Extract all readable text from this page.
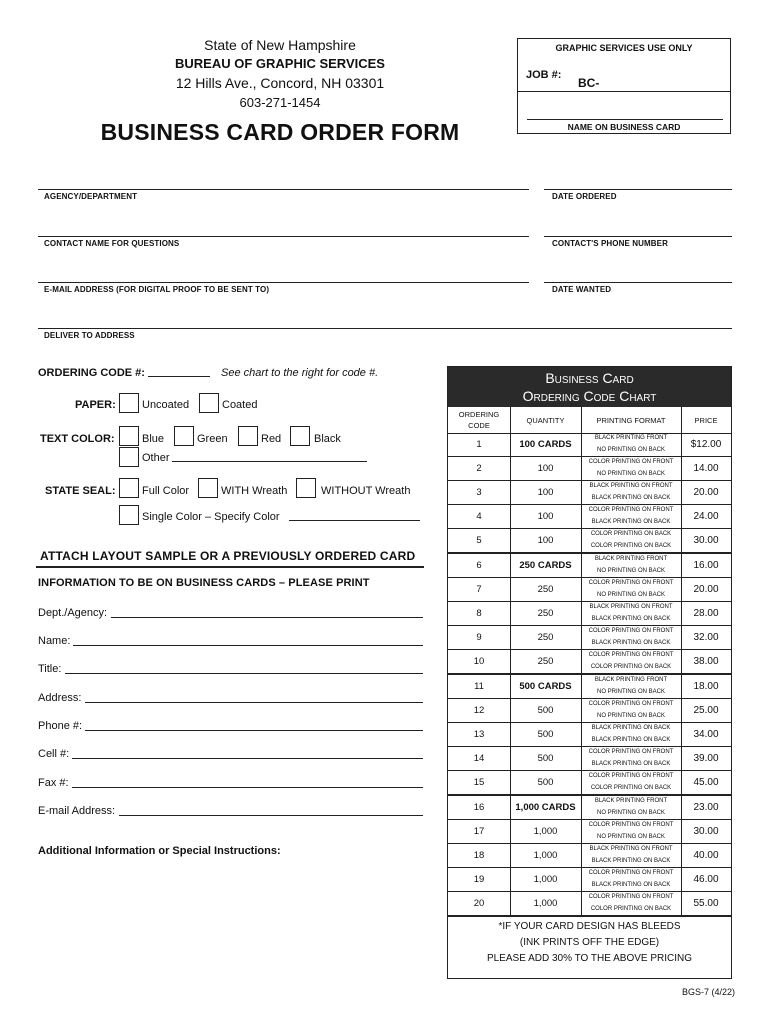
State of New Hampshire
BUREAU OF GRAPHIC SERVICES
12 Hills Ave., Concord, NH 03301
603-271-1454
BUSINESS CARD ORDER FORM
GRAPHIC SERVICES USE ONLY
JOB #:
BC-
NAME ON BUSINESS CARD
AGENCY/DEPARTMENT	DATE ORDERED
CONTACT NAME FOR QUESTIONS	CONTACT'S PHONE NUMBER
E-MAIL ADDRESS (FOR DIGITAL PROOF TO BE SENT TO)	DATE WANTED
DELIVER TO ADDRESS
ORDERING CODE #:	See chart to the right for code #.
PAPER: Uncoated	Coated
TEXT COLOR: Blue	Green	Red	Black
Other
STATE SEAL: Full Color	WITH Wreath	WITHOUT Wreath
Single Color – Specify Color
ATTACH LAYOUT SAMPLE OR A PREVIOUSLY ORDERED CARD
INFORMATION TO BE ON BUSINESS CARDS – PLEASE PRINT
Dept./Agency:
Name:
Title:
Address:
Phone #:
Cell #:
Fax #:
E-mail Address:
Additional Information or Special Instructions:
Business Card
Ordering Code Chart
ORDERING CODE
QUANTITY	PRINTING FORMAT	PRICE
1	100 CARDS
BLACK PRINTING FRONT
NO PRINTING ON BACK	$12.00
2	100
COLOR PRINTING ON FRONT
NO PRINTING ON BACK	14.00
3	100
BLACK PRINTING ON FRONT
BLACK PRINTING ON BACK	20.00
4	100
COLOR PRINTING ON FRONT
BLACK PRINTING ON BACK	24.00
5	100
COLOR PRINTING ON BACK
COLOR PRINTING ON BACK	30.00
6	250 CARDS
BLACK PRINTING FRONT
NO PRINTING ON BACK	16.00
7	250
COLOR PRINTING ON FRONT
NO PRINTING ON BACK	20.00
8	250
BLACK PRINTING ON FRONT
BLACK PRINTING ON BACK	28.00
9	250
COLOR PRINTING ON FRONT
BLACK PRINTING ON BACK	32.00
10	250
COLOR PRINTING ON FRONT
COLOR PRINTING ON BACK	38.00
11	500 CARDS
BLACK PRINTING FRONT
NO PRINTING ON BACK	18.00
12	500
COLOR PRINTING ON FRONT
NO PRINTING ON BACK	25.00
13	500
BLACK PRINTING ON BACK
BLACK PRINTING ON BACK	34.00
14	500
COLOR PRINTING ON FRONT
BLACK PRINTING ON BACK	39.00
15	500
COLOR PRINTING ON FRONT
COLOR PRINTING ON BACK	45.00
16	1,000 CARDS
BLACK PRINTING FRONT
NO PRINTING ON BACK	23.00
17	1,000
COLOR PRINTING ON FRONT
NO PRINTING ON BACK	30.00
18	1,000
BLACK PRINTING ON FRONT
BLACK PRINTING ON BACK	40.00
19	1,000
COLOR PRINTING ON FRONT
BLACK PRINTING ON BACK	46.00
20	1,000
COLOR PRINTING ON FRONT
COLOR PRINTING ON BACK	55.00
*IF YOUR CARD DESIGN HAS BLEEDS
(INK PRINTS OFF THE EDGE)
PLEASE ADD 30% TO THE ABOVE PRICING
BGS-7 (4/22)
